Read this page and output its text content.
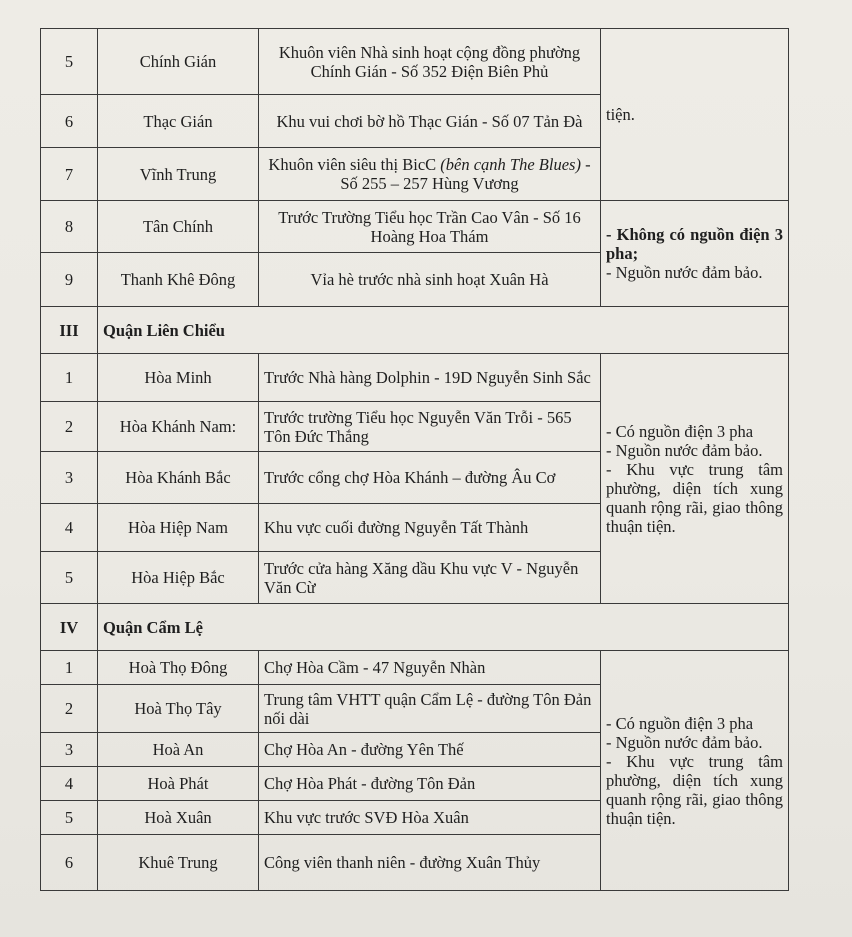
5	Chính Gián	Khuôn viên Nhà sinh hoạt cộng đồng phường Chính Gián - Số 352 Điện Biên Phủ	tiện.
6	Thạc Gián	Khu vui chơi bờ hồ Thạc Gián - Số 07 Tản Đà	
7	Vĩnh Trung	Khuôn viên siêu thị BicC (bên cạnh The Blues) - Số 255 – 257 Hùng Vương	
8	Tân Chính	Trước Trường Tiểu học Trần Cao Vân - Số 16 Hoàng Hoa Thám	- Không có nguồn điện 3 pha;
- Nguồn nước đảm bảo.

9	Thanh Khê Đông	Vỉa hè trước nhà sinh hoạt Xuân Hà	
III	Quận Liên Chiểu		
1	Hòa Minh	Trước Nhà hàng Dolphin - 19D Nguyễn Sinh Sắc	- Có nguồn điện 3 pha
- Nguồn nước đảm bảo.
- Khu vực trung tâm phường, diện tích xung quanh rộng rãi, giao thông thuận tiện.

2	Hòa Khánh Nam:	Trước trường Tiểu học Nguyễn Văn Trỗi - 565 Tôn Đức Thắng	
3	Hòa Khánh Bắc	Trước cổng chợ Hòa Khánh – đường Âu Cơ	
4	Hòa Hiệp Nam	Khu vực cuối đường Nguyễn Tất Thành	
5	Hòa Hiệp Bắc	Trước cửa hàng Xăng dầu Khu vực V - Nguyễn Văn Cừ	
IV	Quận Cẩm Lệ		
1	Hoà Thọ Đông	Chợ Hòa Cầm - 47 Nguyễn Nhàn	- Có nguồn điện 3 pha
- Nguồn nước đảm bảo.
- Khu vực trung tâm phường, diện tích xung quanh rộng rãi, giao thông thuận tiện.

2	Hoà Thọ Tây	Trung tâm VHTT quận Cẩm Lệ - đường Tôn Đản nối dài	
3	Hoà An	Chợ Hòa An - đường Yên Thế	
4	Hoà Phát	Chợ Hòa Phát - đường Tôn Đản	
5	Hoà Xuân	Khu vực trước SVĐ Hòa Xuân	
6	Khuê Trung	Công viên thanh niên - đường Xuân Thủy	
